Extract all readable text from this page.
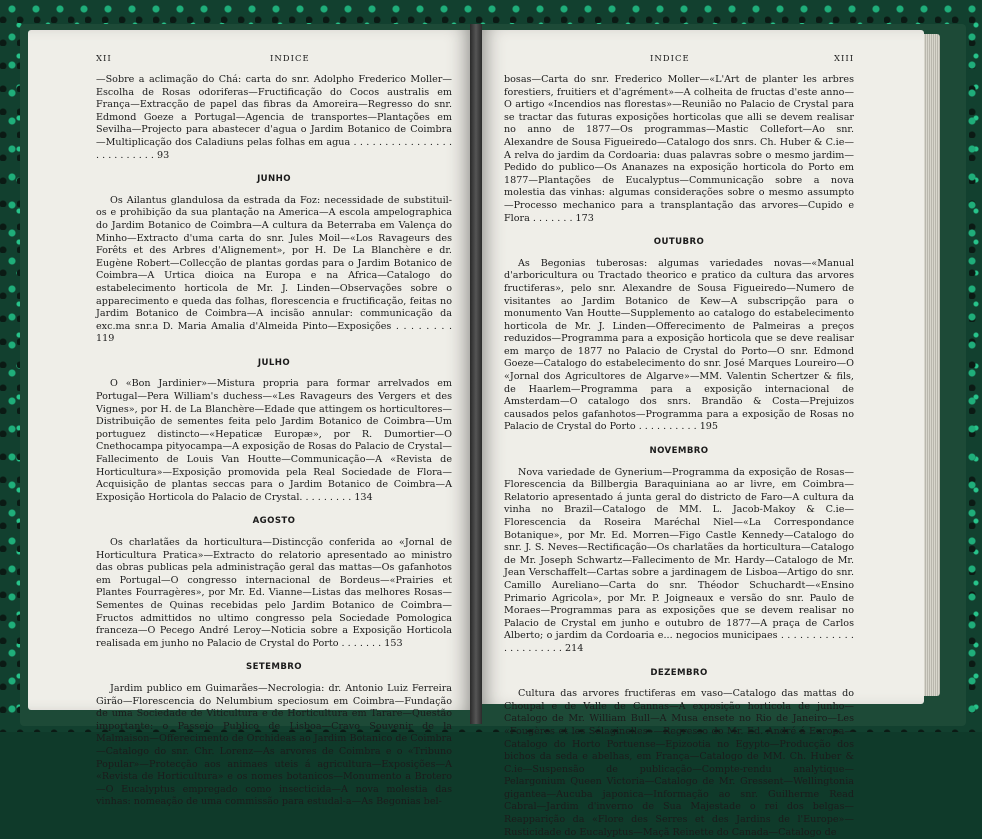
XII	INDICE

—Sobre a aclimação do Chá: carta do snr. Adolpho Frederico Moller—Escolha de Rosas odoriferas—Fructificação do Cocos australis em França—Extracção de papel das fibras da Amoreira—Regresso do snr. Edmond Goeze a Portugal—Agencia de transportes—Plantações em Sevilha—Projecto para abastecer d'agua o Jardim Botanico de Coimbra—Multiplicação dos Caladiuns pelas folhas em agua . . . . . . . . . . . . . . . . . . . . . . . . . . 93

JUNHO

Os Ailantus glandulosa da estrada da Foz: necessidade de substituil-os e prohibição da sua plantação na America—A escola ampelographica do Jardim Botanico de Coimbra—A cultura da Beterraba em Valença do Minho—Extracto d'uma carta do snr. Jules Moil—«Los Ravageurs des Forêts et des Arbres d'Alignement», por H. De La Blanchère e dr. Eugène Robert—Collecção de plantas gordas para o Jardim Botanico de Coimbra—A Urtica dioica na Europa e na Africa—Catalogo do estabelecimento horticola de Mr. J. Linden—Observações sobre o apparecimento e queda das folhas, florescencia e fructificação, feitas no Jardim Botanico de Coimbra—A incisão annular: communicação da exc.ma snr.a D. Maria Amalia d'Almeida Pinto—Exposições . . . . . . . . 119

JULHO

O «Bon Jardinier»—Mistura propria para formar arrelvados em Portugal—Pera William's duchess—«Les Ravageurs des Vergers et des Vignes», por H. de La Blanchère—Edade que attingem os horticultores—Distribuição de sementes feita pelo Jardim Botanico de Coimbra—Um portuguez distincto—«Hepaticæ Europæ», por R. Dumortier—O Cnethocampa pityocampa—A exposição de Rosas do Palacio de Crystal—Fallecimento de Louis Van Houtte—Communicação—A «Revista de Horticultura»—Exposição promovida pela Real Sociedade de Flora—Acquisição de plantas seccas para o Jardim Botanico de Coimbra—A Exposição Horticola do Palacio de Crystal. . . . . . . . . 134

AGOSTO

Os charlatães da horticultura—Distincção conferida ao «Jornal de Horticultura Pratica»—Extracto do relatorio apresentado ao ministro das obras publicas pela administração geral das mattas—Os gafanhotos em Portugal—O congresso internacional de Bordeus—«Prairies et Plantes Fourragères», por Mr. Ed. Vianne—Listas das melhores Rosas—Sementes de Quinas recebidas pelo Jardim Botanico de Coimbra—Fructos admittidos no ultimo congresso pela Sociedade Pomologica franceza—O Pecego André Leroy—Noticia sobre a Exposição Horticola realisada em junho no Palacio de Crystal do Porto . . . . . . . 153

SETEMBRO

Jardim publico em Guimarães—Necrologia: dr. Antonio Luiz Ferreira Girão—Florescencia do Nelumbium speciosum em Coimbra—Fundação de uma Sociedade de Viticultura e de Horticultura em Tarare—Questão importante: o Passeio Publico de Lisboa—Cravo Souvenir de la Malmaison—Offerecimento de Orchideas ao Jardim Botanico de Coimbra—Catalogo do snr. Chr. Lorenz—As arvores de Coimbra e o «Tribuno Popular»—Protecção aos animaes uteis á agricultura—Exposições—A «Revista de Horticultura» e os nomes botanicos—Monumento a Brotero—O Eucalyptus empregado como insecticida—A nova molestia das vinhas: nomeação de uma commissão para estudal-a—As Begonias bel-

INDICE	XIII

bosas—Carta do snr. Frederico Moller—«L'Art de planter les arbres forestiers, fruitiers et d'agrément»—A colheita de fructas d'este anno—O artigo «Incendios nas florestas»—Reunião no Palacio de Crystal para se tractar das futuras exposições horticolas que alli se devem realisar no anno de 1877—Os programmas—Mastic Collefort—Ao snr. Alexandre de Sousa Figueiredo—Catalogo dos snrs. Ch. Huber & C.ie—A relva do jardim da Cordoaria: duas palavras sobre o mesmo jardim—Pedido do publico—Os Ananazes na exposição horticola do Porto em 1877—Plantações de Eucalyptus—Communicação sobre a nova molestia das vinhas: algumas considerações sobre o mesmo assumpto—Processo mechanico para a transplantação das arvores—Cupido e Flora . . . . . . . 173

OUTUBRO

As Begonias tuberosas: algumas variedades novas—«Manual d'arboricultura ou Tractado theorico e pratico da cultura das arvores fructiferas», pelo snr. Alexandre de Sousa Figueiredo—Numero de visitantes ao Jardim Botanico de Kew—A subscripção para o monumento Van Houtte—Supplemento ao catalogo do estabelecimento horticola de Mr. J. Linden—Offerecimento de Palmeiras a preços reduzidos—Programma para a exposição horticola que se deve realisar em março de 1877 no Palacio de Crystal do Porto—O snr. Edmond Goeze—Catalogo do estabelecimento do snr. José Marques Loureiro—O «Jornal dos Agricultores de Algarve»—MM. Valentin Schertzer & fils, de Haarlem—Programma para a exposição internacional de Amsterdam—O catalogo dos snrs. Brandão & Costa—Prejuizos causados pelos gafanhotos—Programma para a exposição de Rosas no Palacio de Crystal do Porto . . . . . . . . . . 195

NOVEMBRO

Nova variedade de Gynerium—Programma da exposição de Rosas—Florescencia da Billbergia Baraquiniana ao ar livre, em Coimbra—Relatorio apresentado á junta geral do districto de Faro—A cultura da vinha no Brazil—Catalogo de MM. L. Jacob-Makoy & C.ie—Florescencia da Roseira Maréchal Niel—«La Correspondance Botanique», por Mr. Ed. Morren—Figo Castle Kennedy—Catalogo do snr. J. S. Neves—Rectificação—Os charlatães da horticultura—Catalogo de Mr. Joseph Schwartz—Fallecimento de Mr. Hardy—Catalogo de Mr. Jean Verschaffelt—Cartas sobre a jardinagem de Lisboa—Artigo do snr. Camillo Aureliano—Carta do snr. Théodor Schuchardt—«Ensino Primario Agricola», por Mr. P. Joigneaux e versão do snr. Paulo de Moraes—Programmas para as exposições que se devem realisar no Palacio de Crystal em junho e outubro de 1877—A praça de Carlos Alberto; o jardim da Cordoaria e... negocios municipaes . . . . . . . . . . . . . . . . . . . . . . 214

DEZEMBRO

Cultura das arvores fructiferas em vaso—Catalogo das mattas do Choupal e de Valle de Cannas—A exposição horticola de junho—Catalogo de Mr. William Bull—A Musa ensete no Rio de Janeiro—Les «Fougères et les Sélaginelles»—Regresso do Mr. Ed. André á Europa—Catalogo do Horto Portuense—Epizootia no Egypto—Producção dos bichos da seda e abelhas, em França—Catalogo de MM. Ch. Huber & C.ie—Suspensão de publicação—Compte-rendu analytique—Pelargonium Queen Victoria—Catalogo de Mr. Gressent—Wellingtonia gigantea—Aucuba japonica—Informação ao snr. Guilherme Read Cabral—Jardim d'inverno de Sua Majestade o rei dos belgas—Reapparição da «Flore des Serres et des Jardins de l'Europe»—Rusticidade do Eucalyptus—Maçã Reinette do Canada—Catalogo de
